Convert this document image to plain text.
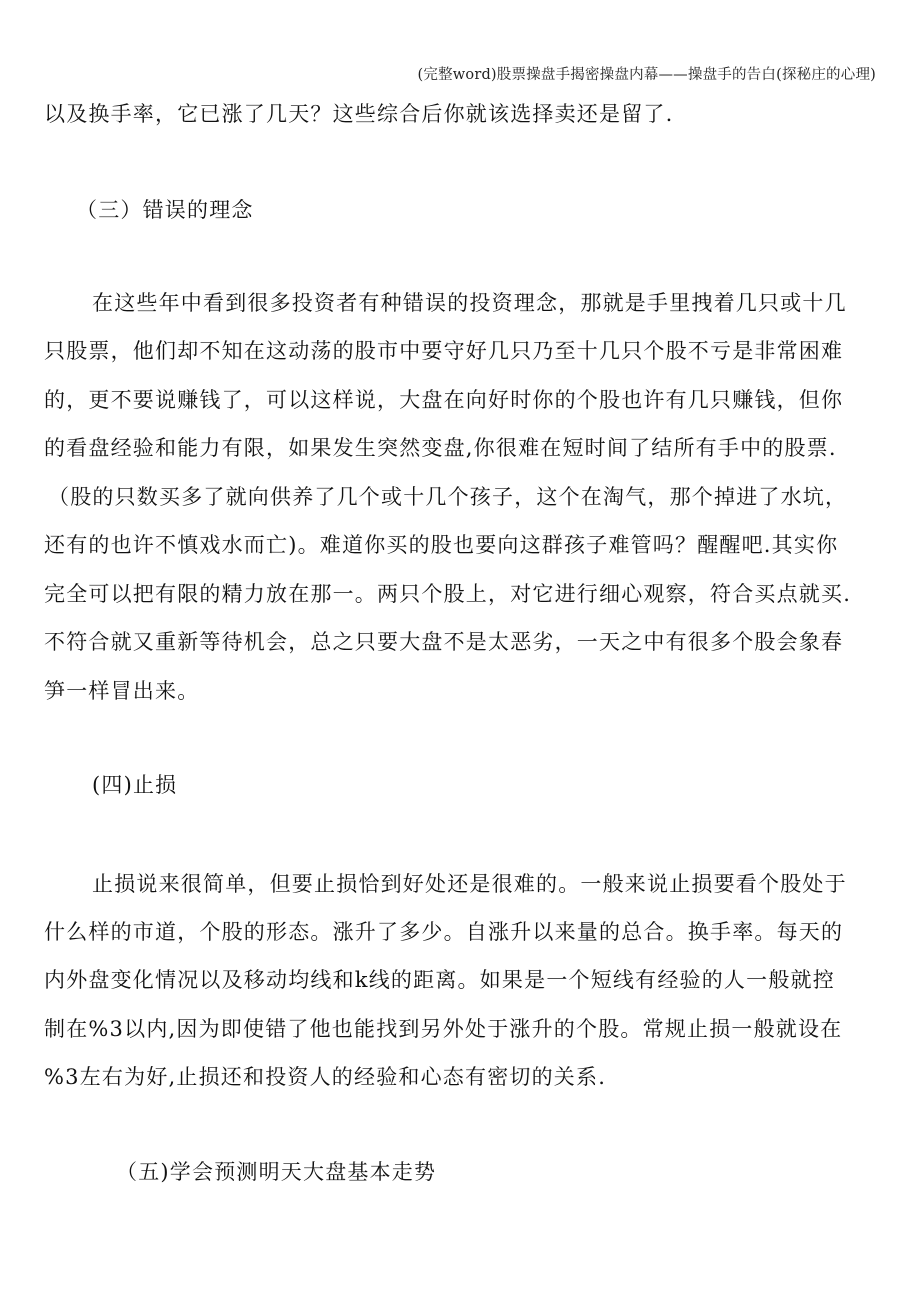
(完整word)股票操盘手揭密操盘内幕——操盘手的告白(探秘庄的心理)
以及换手率，它已涨了几天？这些综合后你就该选择卖还是留了.
（三）错误的理念
在这些年中看到很多投资者有种错误的投资理念，那就是手里拽着几只或十几
只股票，他们却不知在这动荡的股市中要守好几只乃至十几只个股不亏是非常困难
的，更不要说赚钱了，可以这样说，大盘在向好时你的个股也许有几只赚钱，但你
的看盘经验和能力有限，如果发生突然变盘,你很难在短时间了结所有手中的股票.
（股的只数买多了就向供养了几个或十几个孩子，这个在淘气，那个掉进了水坑，
还有的也许不慎戏水而亡)。难道你买的股也要向这群孩子难管吗？醒醒吧.其实你
完全可以把有限的精力放在那一。两只个股上，对它进行细心观察，符合买点就买.
不符合就又重新等待机会，总之只要大盘不是太恶劣，一天之中有很多个股会象春
笋一样冒出来。
(四)止损
止损说来很简单，但要止损恰到好处还是很难的。一般来说止损要看个股处于
什么样的市道，个股的形态。涨升了多少。自涨升以来量的总合。换手率。每天的
内外盘变化情况以及移动均线和k线的距离。如果是一个短线有经验的人一般就控
制在%3以内,因为即使错了他也能找到另外处于涨升的个股。常规止损一般就设在
%3左右为好,止损还和投资人的经验和心态有密切的关系.
（五)学会预测明天大盘基本走势
